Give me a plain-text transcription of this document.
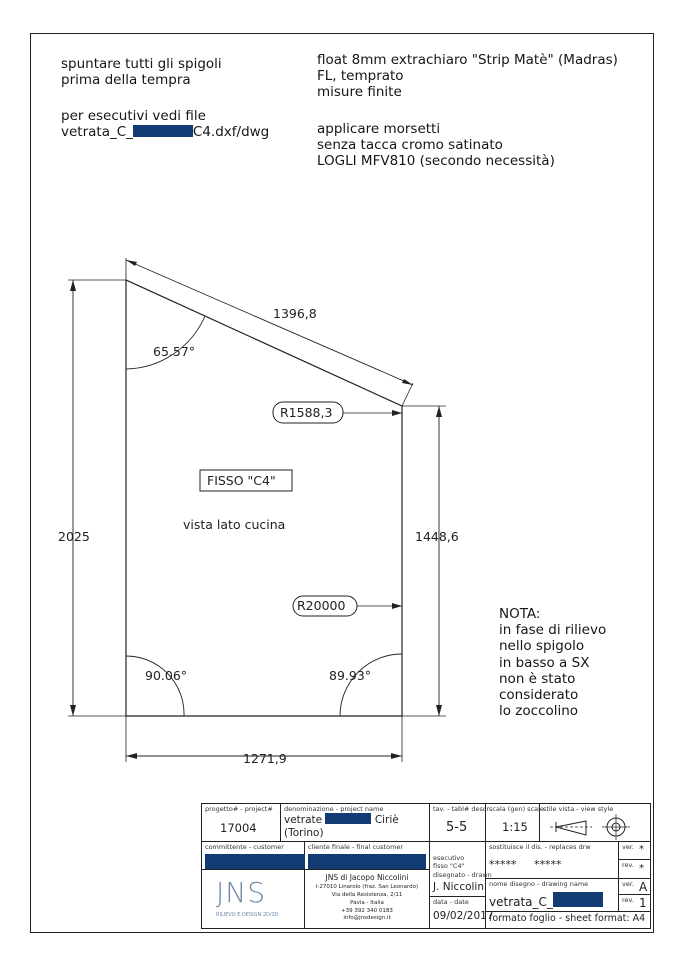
spuntare tutti gli spigoli
prima della tempra
per esecutivi vedi file
vetrata_C_	C4.dxf/dwg
float 8mm extrachiaro "Strip Matè" (Madras)
FL, temprato
misure finite
applicare morsetti
senza tacca cromo satinato
LOGLI MFV810 (secondo necessità)
1396,8
65.57°
R1588,3
FISSO "C4"
vista lato cucina
2025	1448,6
R20000
90.06°	89.93°
1271,9
NOTA:
in fase di rilievo
nello spigolo
in basso a SX
non è stato
considerato
lo zoccolino
progetto# - project#
17004
denominazione - project name
vetrate	Ciriè
(Torino)
tav. - tabl# descr
5-5
scala (gen) scale
1:15
stile vista - view style
committente - customer	cliente finale - final customer
esecutivo
fisso "C4"
sostituisce il dis. - replaces drw
*****     *****
ver. *
rev. *
JNS
RILIEVO E DESIGN 2D/3D
JNS di Jacopo Niccolini
I-27010 Linarolo (fraz. San Leonardo)
Via della Resistenza, 2/11
Pavia - Italia
+39 392 340 0183
info@jnsdesign.it
disegnato - drawn
J. Niccolini
data - date
09/02/2017
nome disegno - drawing name
vetrata_C_
ver. A
rev. 1
formato foglio - sheet format: A4
